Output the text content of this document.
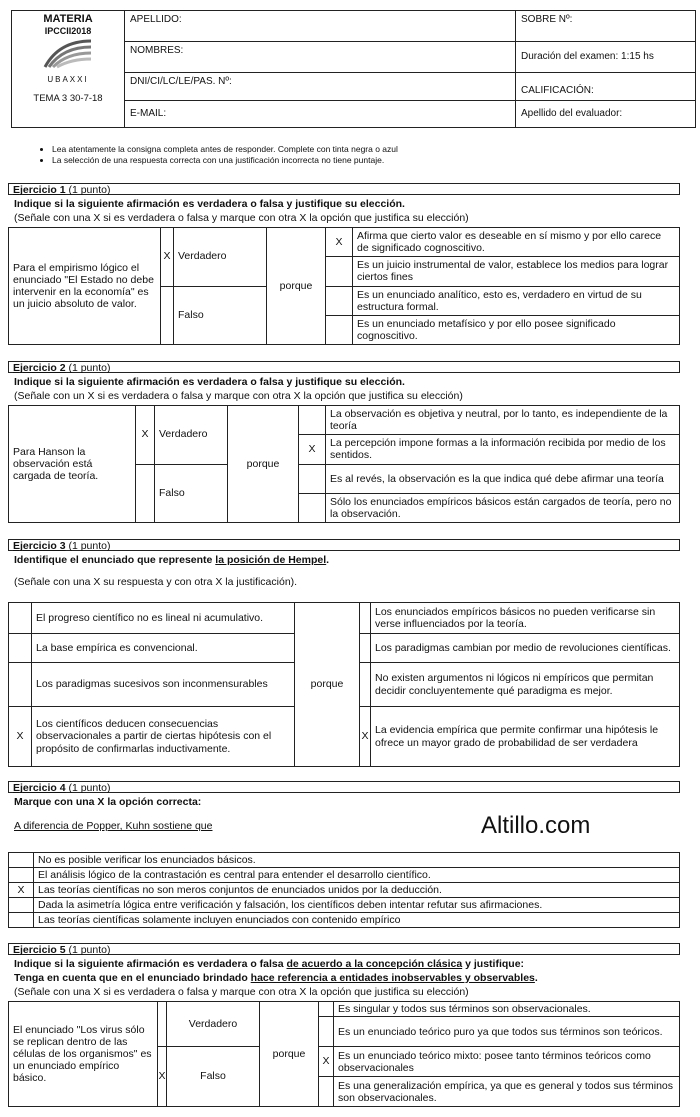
MATERIA
IPCCII2018
UBAXXI
TEMA 3 30-7-18	APELLIDO:	SOBRE Nº:
	NOMBRES:	Duración del examen: 1:15 hs
	DNI/CI/LC/LE/PAS. Nº:	CALIFICACIÓN:
	E-MAIL:	Apellido del evaluador:
• Lea atentamente la consigna completa antes de responder. Complete con tinta negra o azul
• La selección de una respuesta correcta con una justificación incorrecta no tiene puntaje.
Ejercicio 1 (1 punto)
Indique si la siguiente afirmación es verdadera o falsa y justifique su elección.
(Señale con una X si es verdadera o falsa y marque con otra X la opción que justifica su elección)
Para el empirismo lógico el enunciado "El Estado no debe intervenir en la economía" es un juicio absoluto de valor.	X	Verdadero	porque	X	Afirma que cierto valor es deseable en sí mismo y por ello carece de significado cognoscitivo.
					Es un juicio instrumental de valor, establece los medios para lograr ciertos fines
		Falso			Es un enunciado analítico, esto es, verdadero en virtud de su estructura formal.
					Es un enunciado metafísico y por ello posee significado cognoscitivo.
Ejercicio 2 (1 punto)
Indique si la siguiente afirmación es verdadera o falsa y justifique su elección.
(Señale con un X si es verdadera o falsa y marque con otra X la opción que justifica su elección)
Para Hanson la observación está cargada de teoría.	X	Verdadero	porque		La observación es objetiva y neutral, por lo tanto, es independiente de la teoría
				X	La percepción impone formas a la información recibida por medio de los sentidos.
		Falso			Es al revés, la observación es la que indica qué debe afirmar una teoría
					Sólo los enunciados empíricos básicos están cargados de teoría, pero no la observación.
Ejercicio 3 (1 punto)
Identifique el enunciado que represente la posición de Hempel.
(Señale con una X su respuesta y con otra X la justificación).
	El progreso científico no es lineal ni acumulativo.	porque		Los enunciados empíricos básicos no pueden verificarse sin verse influenciados por la teoría.
	La base empírica es convencional.			Los paradigmas cambian por medio de revoluciones científicas.
	Los paradigmas sucesivos son inconmensurables			No existen argumentos ni lógicos ni empíricos que permitan decidir concluyentemente qué paradigma es mejor.
X	Los científicos deducen consecuencias observacionales a partir de ciertas hipótesis con el propósito de confirmarlas inductivamente.		X	La evidencia empírica que permite confirmar una hipótesis le ofrece un mayor grado de probabilidad de ser verdadera
Ejercicio 4 (1 punto)
Marque con una X la opción correcta:
A diferencia de Popper, Kuhn sostiene que	Altillo.com
	No es posible verificar los enunciados básicos.
	El análisis lógico de la contrastación es central para entender el desarrollo científico.
X	Las teorías científicas no son meros conjuntos de enunciados unidos por la deducción.
	Dada la asimetría lógica entre verificación y falsación, los científicos deben intentar refutar sus afirmaciones.
	Las teorías científicas solamente incluyen enunciados con contenido empírico
Ejercicio 5 (1 punto)
Indique si la siguiente afirmación es verdadera o falsa de acuerdo a la concepción clásica y justifique:
Tenga en cuenta que en el enunciado brindado hace referencia a entidades inobservables y observables.
(Señale con una X si es verdadera o falsa y marque con otra X la opción que justifica su elección)
El enunciado "Los virus sólo se replican dentro de las células de los organismos" es un enunciado empírico básico.		Verdadero	porque		Es singular y todos sus términos son observacionales.
					Es un enunciado teórico puro ya que todos sus términos son teóricos.
	X	Falso		X	Es un enunciado teórico mixto: posee tanto términos teóricos como observacionales
					Es una generalización empírica, ya que es general y todos sus términos son observacionales.
